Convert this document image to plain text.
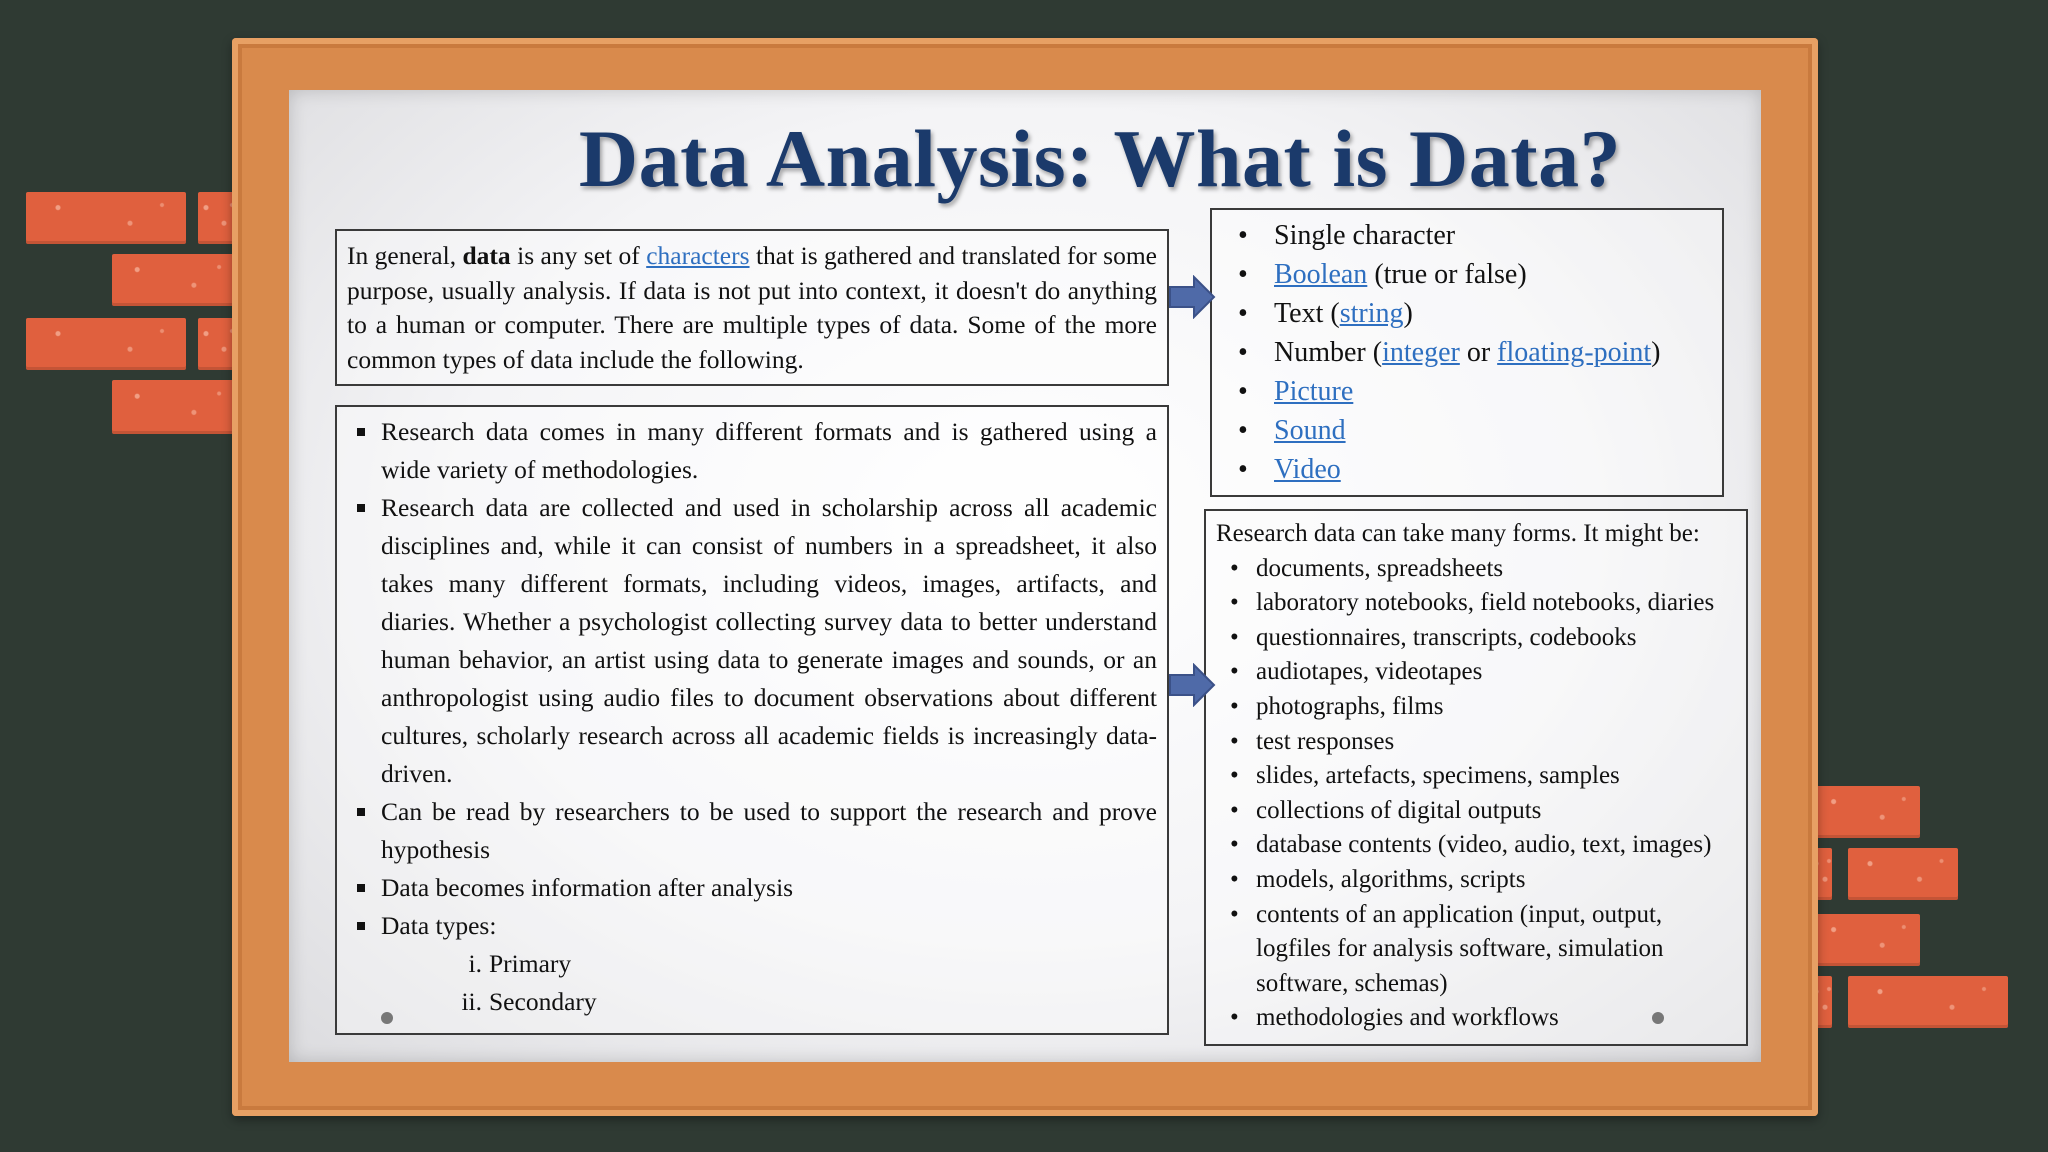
Data Analysis: What is Data?
In general, data is any set of characters that is gathered and translated for some purpose, usually analysis. If data is not put into context, it doesn't do anything to a human or computer. There are multiple types of data. Some of the more common types of data include the following.
• Single character
• Boolean (true or false)
• Text (string)
• Number (integer or floating-point)
• Picture
• Sound
• Video
Research data comes in many different formats and is gathered using a wide variety of methodologies.
Research data are collected and used in scholarship across all academic disciplines and, while it can consist of numbers in a spreadsheet, it also takes many different formats, including videos, images, artifacts, and diaries. Whether a psychologist collecting survey data to better understand human behavior, an artist using data to generate images and sounds, or an anthropologist using audio files to document observations about different cultures, scholarly research across all academic fields is increasingly data-driven.
Can be read by researchers to be used to support the research and prove hypothesis
Data becomes information after analysis
Data types:
i. Primary
ii. Secondary
Research data can take many forms. It might be:
• documents, spreadsheets
• laboratory notebooks, field notebooks, diaries
• questionnaires, transcripts, codebooks
• audiotapes, videotapes
• photographs, films
• test responses
• slides, artefacts, specimens, samples
• collections of digital outputs
• database contents (video, audio, text, images)
• models, algorithms, scripts
• contents of an application (input, output, logfiles for analysis software, simulation software, schemas)
• methodologies and workflows
